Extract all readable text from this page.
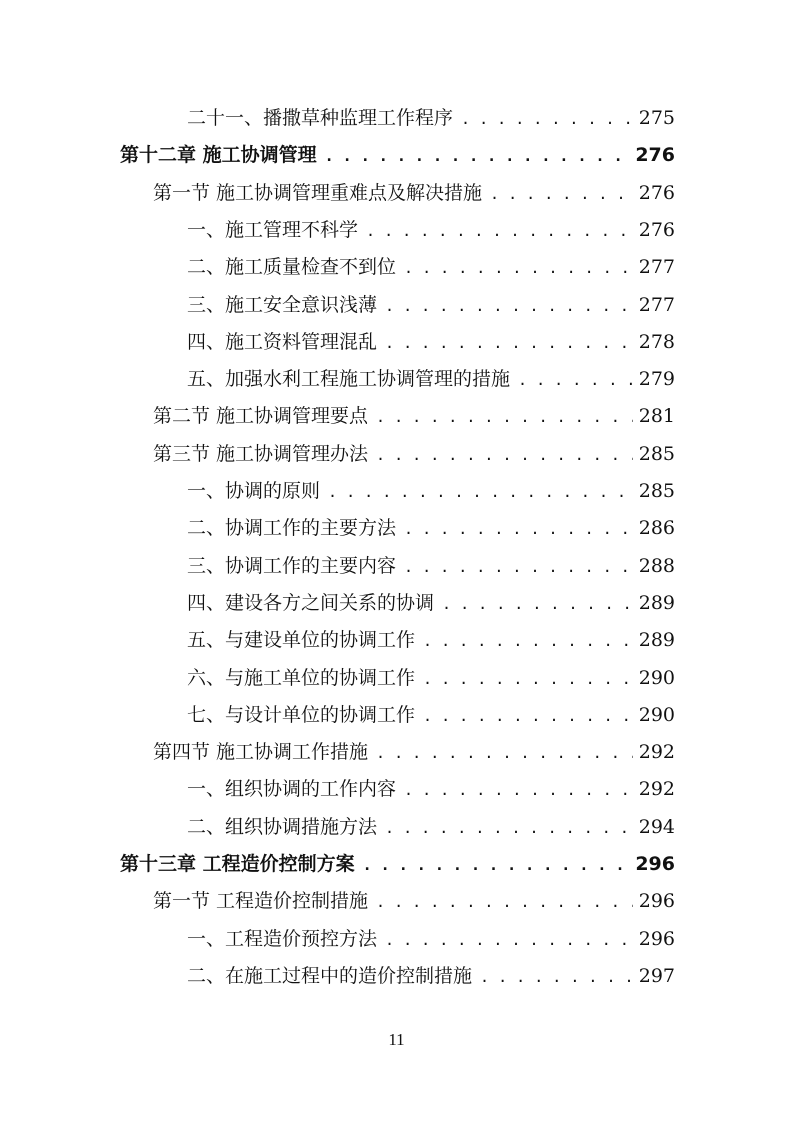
二十一、播撒草种监理工作程序 . . .	275
第十二章 施工协调管理 . . .	276
第一节 施工协调管理重难点及解决措施 . . .	276
一、施工管理不科学 . . .	276
二、施工质量检查不到位 . . .	277
三、施工安全意识浅薄 . . .	277
四、施工资料管理混乱 . . .	278
五、加强水利工程施工协调管理的措施 . . .	279
第二节 施工协调管理要点 . . .	281
第三节 施工协调管理办法 . . .	285
一、协调的原则 . . .	285
二、协调工作的主要方法 . . .	286
三、协调工作的主要内容 . . .	288
四、建设各方之间关系的协调 . . .	289
五、与建设单位的协调工作 . . .	289
六、与施工单位的协调工作 . . .	290
七、与设计单位的协调工作 . . .	290
第四节 施工协调工作措施 . . .	292
一、组织协调的工作内容 . . .	292
二、组织协调措施方法 . . .	294
第十三章 工程造价控制方案 . . .	296
第一节 工程造价控制措施 . . .	296
一、工程造价预控方法 . . .	296
二、在施工过程中的造价控制措施 . . .	297
11
